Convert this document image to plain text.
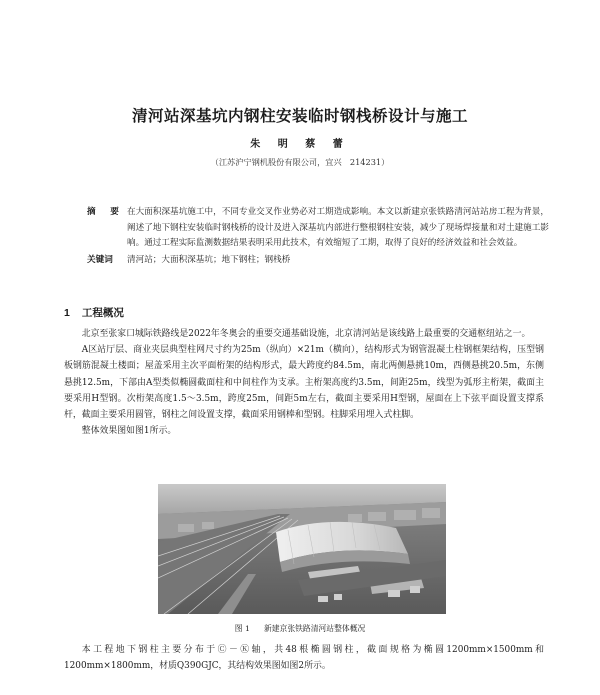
清河站深基坑内钢柱安装临时钢栈桥设计与施工
朱 明 蔡 蕾
（江苏沪宁钢机股份有限公司，宜兴　214231）
摘　要 在大面积深基坑施工中，不同专业交叉作业势必对工期造成影响。本文以新建京张铁路清河站站房工程为背景，阐述了地下钢柱安装临时钢栈桥的设计及进入深基坑内部进行整根钢柱安装，减少了现场焊接量和对土建施工影响。通过工程实际监测数据结果表明采用此技术，有效缩短了工期，取得了良好的经济效益和社会效益。
关键词	清河站；大面积深基坑；地下钢柱；钢栈桥
1 工程概况

北京至张家口城际铁路线是2022年冬奥会的重要交通基础设施，北京清河站是该线路上最重要的交通枢纽站之一。

A区站厅层、商业夹层典型柱网尺寸约为25m（纵向）×21m（横向），结构形式为钢管混凝土柱钢框架结构，压型钢板钢筋混凝土楼面；屋盖采用主次平面桁架的结构形式，最大跨度约84.5m，南北两侧悬挑10m，西侧悬挑20.5m，东侧悬挑12.5m，下部由A型类似椭圆截面柱和中间柱作为支承。主桁架高度约3.5m，间距25m，线型为弧形主桁架，截面主要采用H型钢。次桁架高度1.5～3.5m，跨度25m，间距5m左右，截面主要采用H型钢，屋面在上下弦平面设置支撑系杆，截面主要采用圆管，钢柱之间设置支撑，截面采用钢棒和型钢。柱脚采用埋入式柱脚。

整体效果图如图1所示。

图 1 新建京张铁路清河站整体概况

本工程地下钢柱主要分布于Ⓒ－Ⓚ轴，共48根椭圆钢柱，截面规格为椭圆1200mm×1500mm和1200mm×1800mm，材质Q390GJC，其结构效果图如图2所示。
